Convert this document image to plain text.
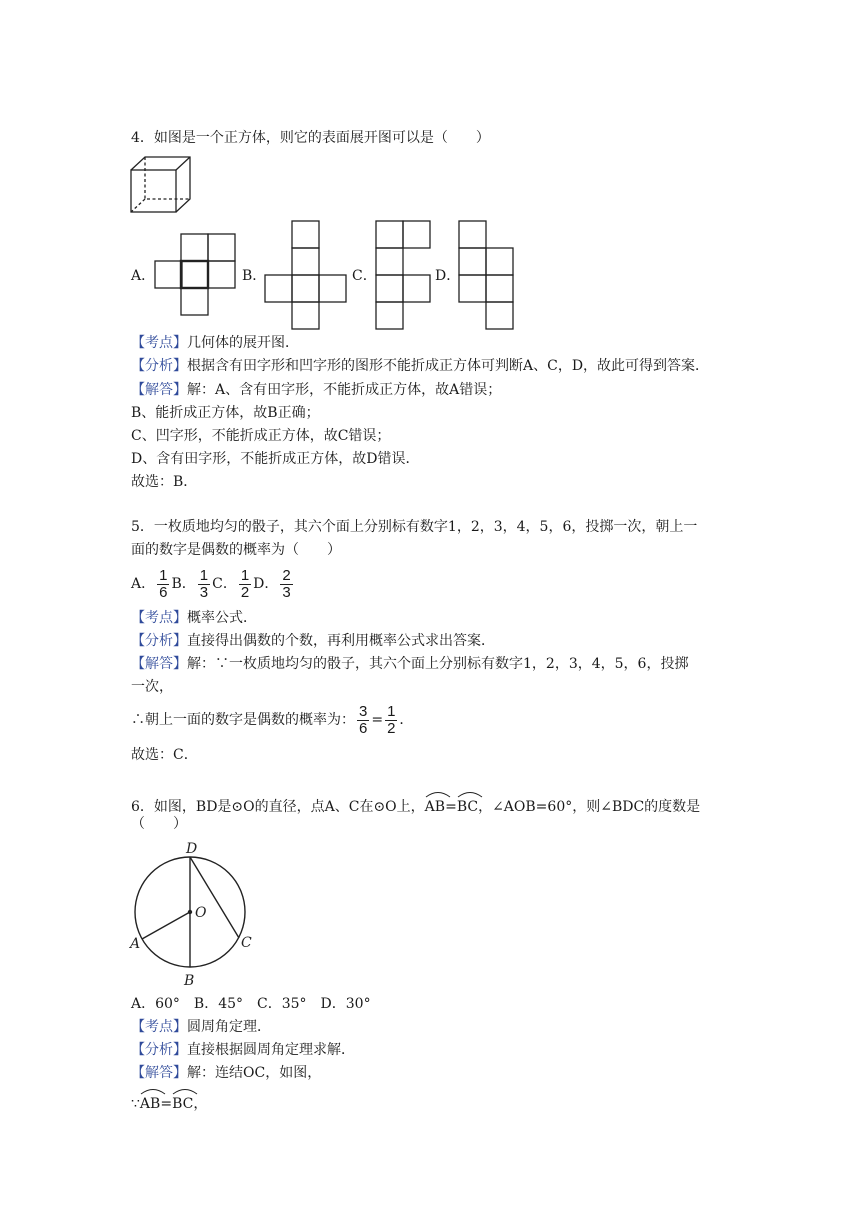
4．如图是一个正方体，则它的表面展开图可以是（　　）
A．	B．	C．	D．
【考点】几何体的展开图．
【分析】根据含有田字形和凹字形的图形不能折成正方体可判断A、C，D，故此可得到答案．
【解答】解：A、含有田字形，不能折成正方体，故A错误；
B、能折成正方体，故B正确；
C、凹字形，不能折成正方体，故C错误；
D、含有田字形，不能折成正方体，故D错误．
故选：B．
5．一枚质地均匀的骰子，其六个面上分别标有数字1，2，3，4，5，6，投掷一次，朝上一
面的数字是偶数的概率为（　　）
A． $\frac{1}{6}$ B． $\frac{1}{3}$ C． $\frac{1}{2}$ D． $\frac{2}{3}$
【考点】概率公式．
【分析】直接得出偶数的个数，再利用概率公式求出答案．
【解答】解：∵一枚质地均匀的骰子，其六个面上分别标有数字1，2，3，4，5，6，投掷
一次，
∴朝上一面的数字是偶数的概率为： $\frac{3}{6} = \frac{1}{2}$ ．
故选：C．
6．如图，BD是⊙O的直径，点A、C在⊙O上，
AB=
BC，∠AOB=60°，则∠BDC的度数是
（　　）
D
O
A
B
C
A．60°　B．45°　C．35°　D．30°
【考点】圆周角定理．
【分析】直接根据圆周角定理求解．
【解答】解：连结OC，如图，
∵
AB=
BC，
